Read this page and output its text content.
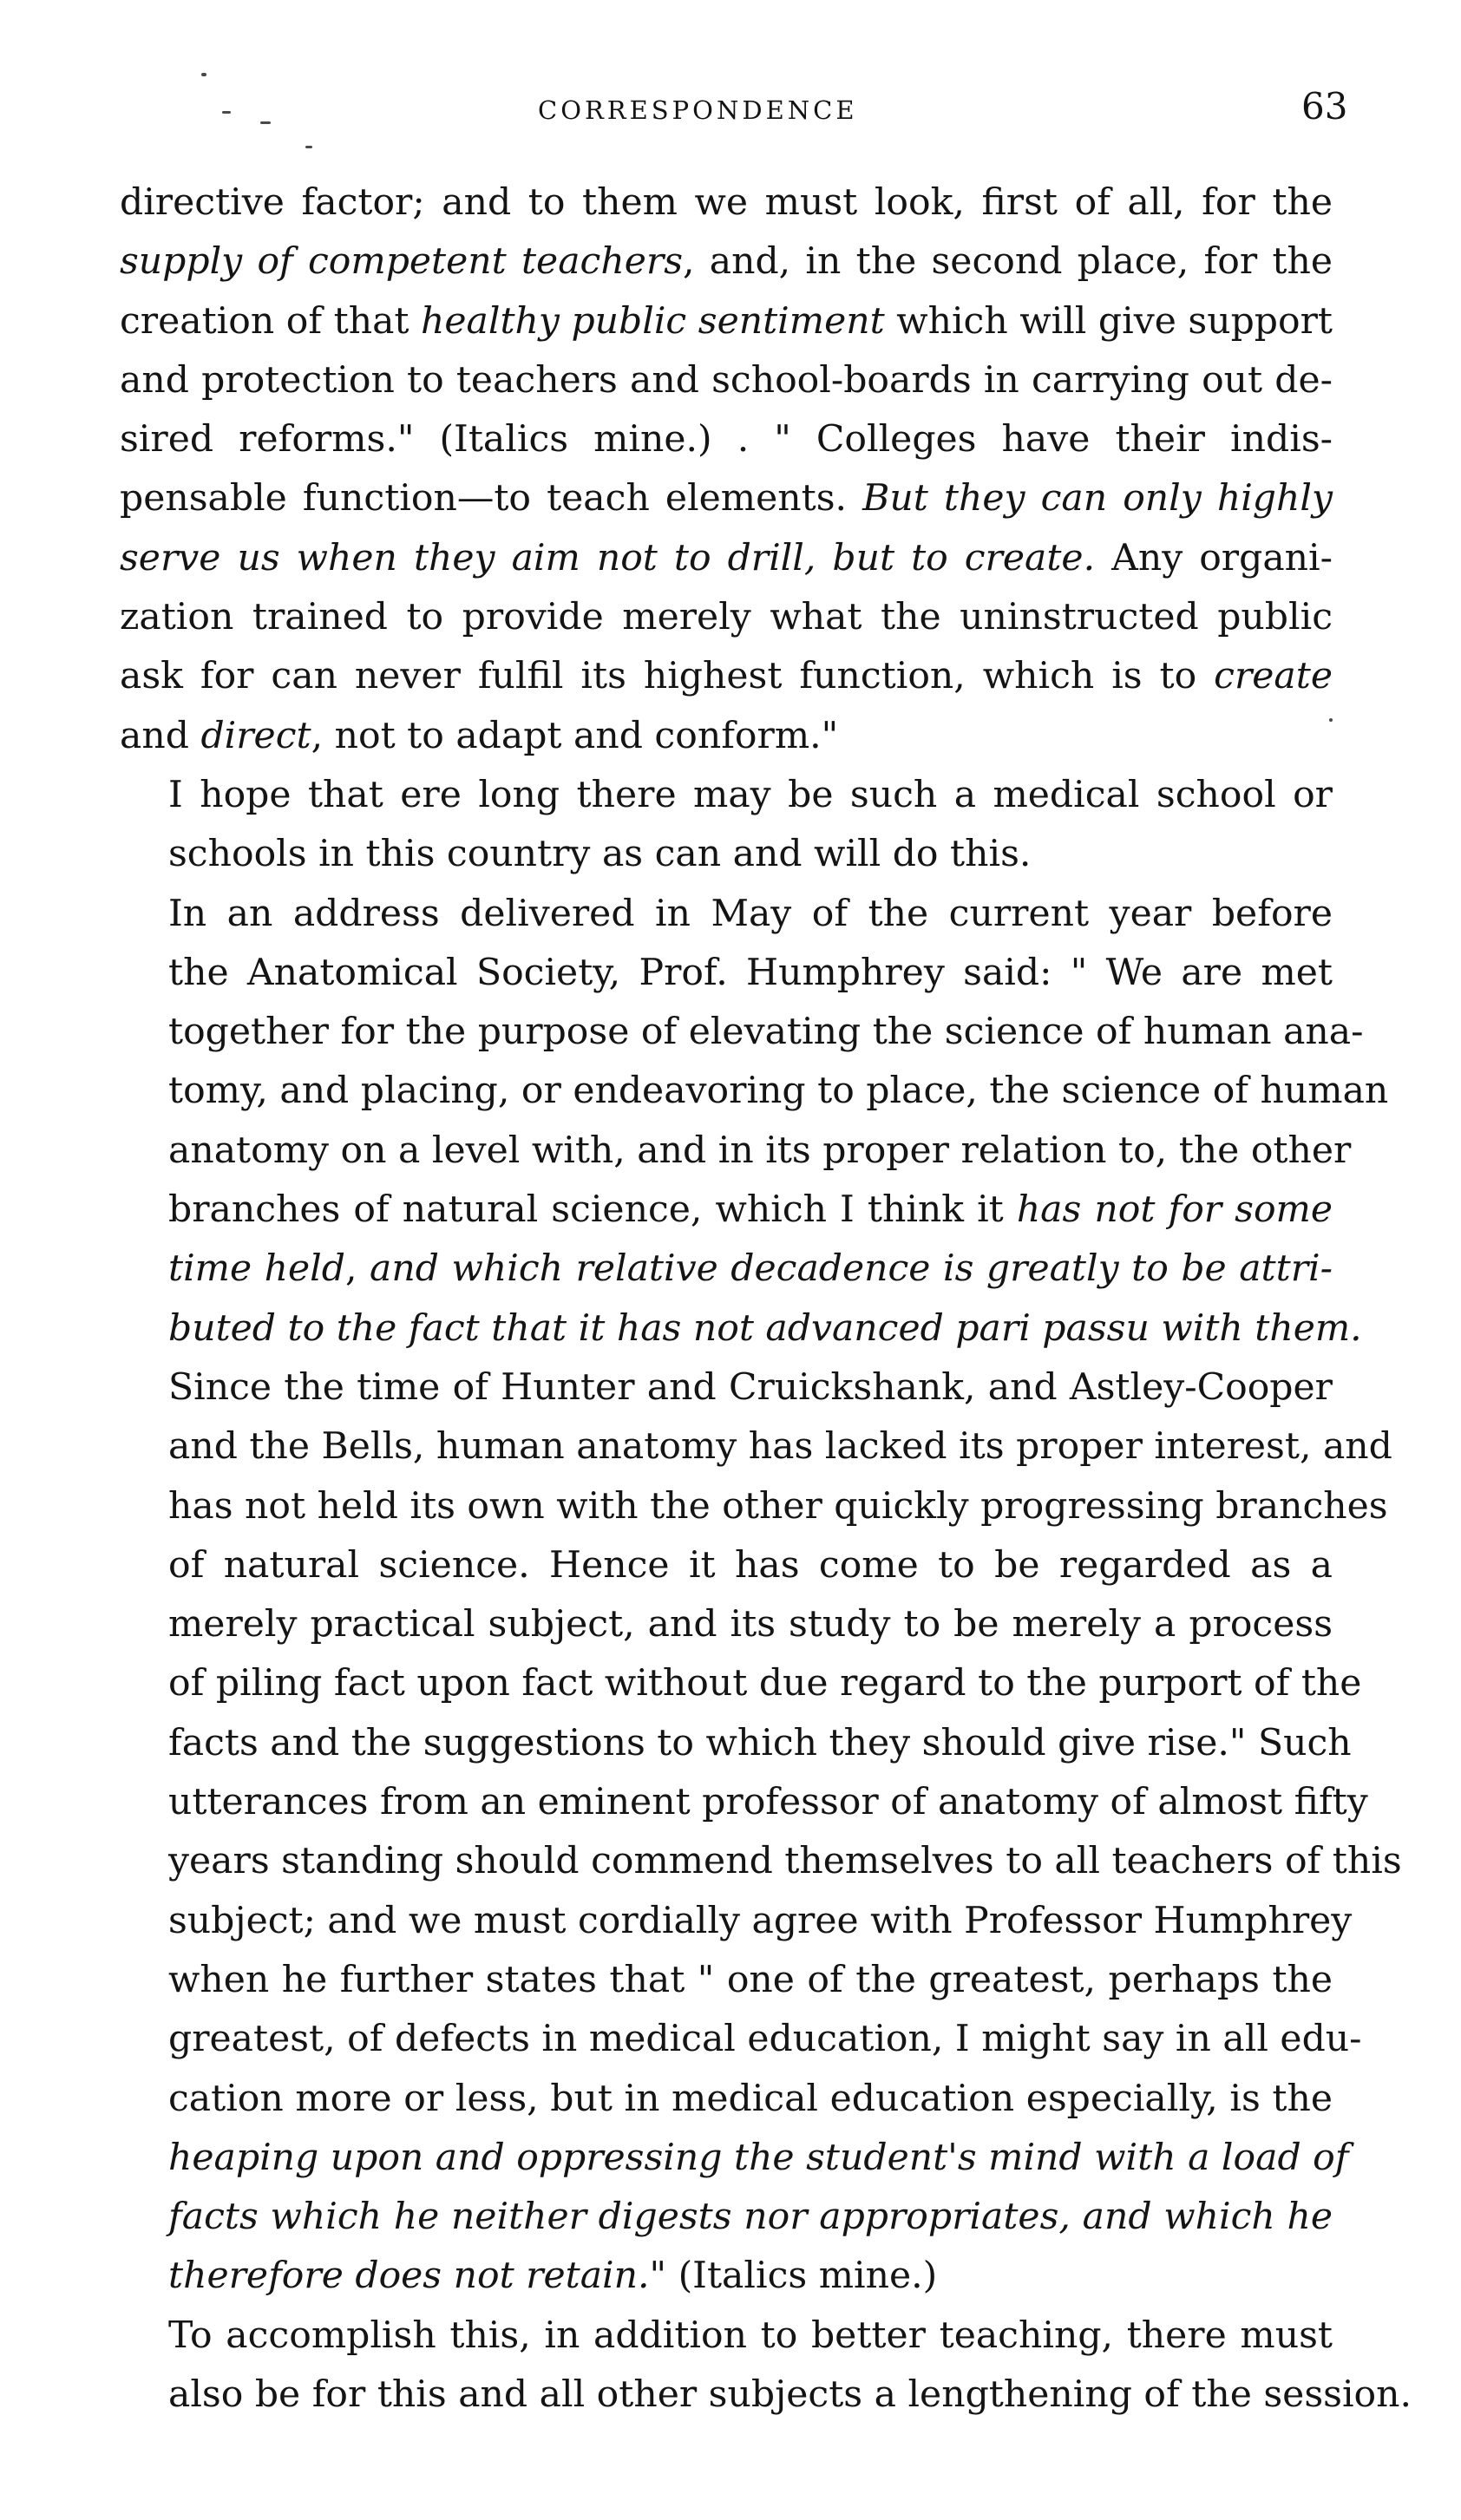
CORRESPONDENCE	63

directive factor; and to them we must look, first of all, for the
supply of competent teachers, and, in the second place, for the
creation of that healthy public sentiment which will give support
and protection to teachers and school-boards in carrying out de-
sired reforms." (Italics mine.) . " Colleges have their indis-
pensable function—to teach elements. But they can only highly
serve us when they aim not to drill, but to create. Any organi-
zation trained to provide merely what the uninstructed public
ask for can never fulfil its highest function, which is to create
and direct, not to adapt and conform."

I hope that ere long there may be such a medical school or
schools in this country as can and will do this.

In an address delivered in May of the current year before
the Anatomical Society, Prof. Humphrey said: " We are met
together for the purpose of elevating the science of human ana-
tomy, and placing, or endeavoring to place, the science of human
anatomy on a level with, and in its proper relation to, the other
branches of natural science, which I think it has not for some
time held, and which relative decadence is greatly to be attri-
buted to the fact that it has not advanced pari passu with them.
Since the time of Hunter and Cruickshank, and Astley-Cooper
and the Bells, human anatomy has lacked its proper interest, and
has not held its own with the other quickly progressing branches
of natural science. Hence it has come to be regarded as a
merely practical subject, and its study to be merely a process
of piling fact upon fact without due regard to the purport of the
facts and the suggestions to which they should give rise." Such
utterances from an eminent professor of anatomy of almost fifty
years standing should commend themselves to all teachers of this
subject; and we must cordially agree with Professor Humphrey
when he further states that " one of the greatest, perhaps the
greatest, of defects in medical education, I might say in all edu-
cation more or less, but in medical education especially, is the
heaping upon and oppressing the student's mind with a load of
facts which he neither digests nor appropriates, and which he
therefore does not retain." (Italics mine.)

To accomplish this, in addition to better teaching, there must
also be for this and all other subjects a lengthening of the session.
